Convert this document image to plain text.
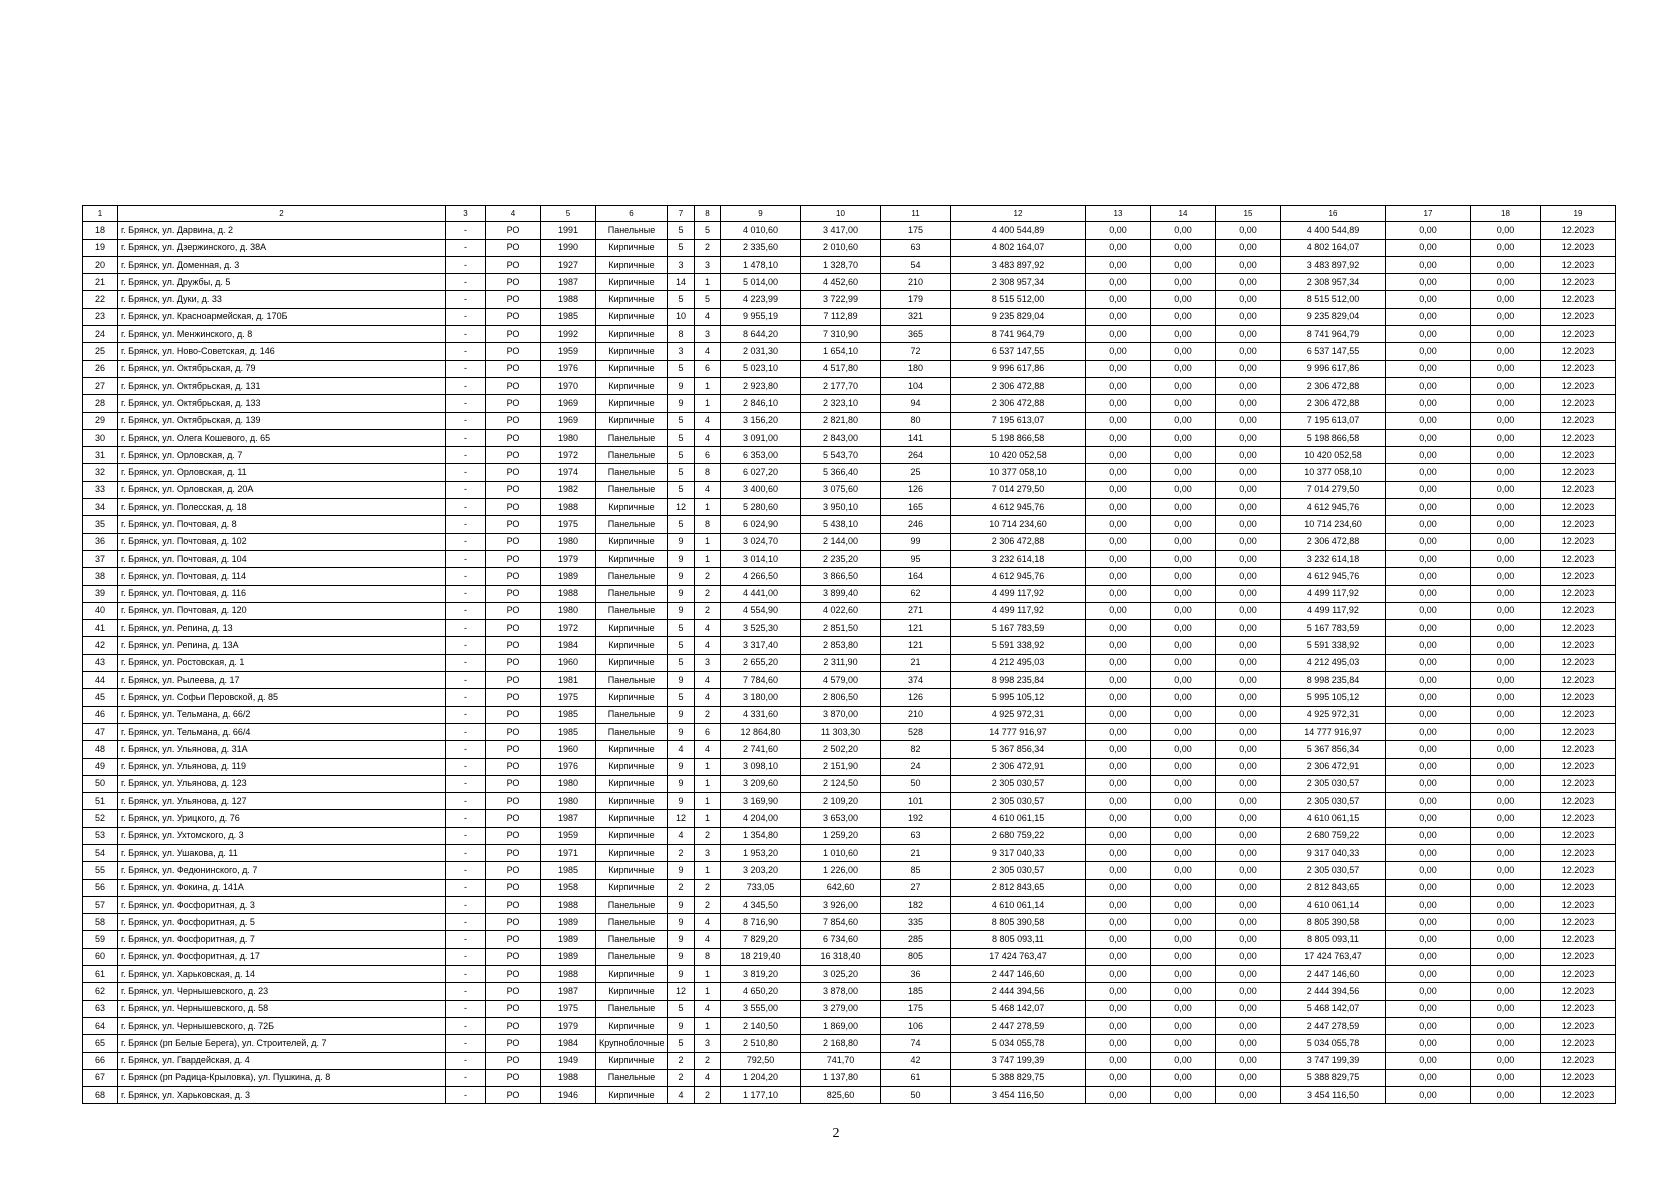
1	2	3	4	5	6	7	8	9	10	11	12	13	14	15	16	17	18	19
18	г. Брянск, ул. Дарвина, д. 2	-	РО	1991	Панельные	5	5	4 010,60	3 417,00	175	4 400 544,89	0,00	0,00	0,00	4 400 544,89	0,00	0,00	12.2023
19	г. Брянск, ул. Дзержинского, д. 38А	-	РО	1990	Кирпичные	5	2	2 335,60	2 010,60	63	4 802 164,07	0,00	0,00	0,00	4 802 164,07	0,00	0,00	12.2023
20	г. Брянск, ул. Доменная, д. 3	-	РО	1927	Кирпичные	3	3	1 478,10	1 328,70	54	3 483 897,92	0,00	0,00	0,00	3 483 897,92	0,00	0,00	12.2023
21	г. Брянск, ул. Дружбы, д. 5	-	РО	1987	Кирпичные	14	1	5 014,00	4 452,60	210	2 308 957,34	0,00	0,00	0,00	2 308 957,34	0,00	0,00	12.2023
22	г. Брянск, ул. Дуки, д. 33	-	РО	1988	Кирпичные	5	5	4 223,99	3 722,99	179	8 515 512,00	0,00	0,00	0,00	8 515 512,00	0,00	0,00	12.2023
23	г. Брянск, ул. Красноармейская, д. 170Б	-	РО	1985	Кирпичные	10	4	9 955,19	7 112,89	321	9 235 829,04	0,00	0,00	0,00	9 235 829,04	0,00	0,00	12.2023
24	г. Брянск, ул. Менжинского, д. 8	-	РО	1992	Кирпичные	8	3	8 644,20	7 310,90	365	8 741 964,79	0,00	0,00	0,00	8 741 964,79	0,00	0,00	12.2023
25	г. Брянск, ул. Ново-Советская, д. 146	-	РО	1959	Кирпичные	3	4	2 031,30	1 654,10	72	6 537 147,55	0,00	0,00	0,00	6 537 147,55	0,00	0,00	12.2023
26	г. Брянск, ул. Октябрьская, д. 79	-	РО	1976	Кирпичные	5	6	5 023,10	4 517,80	180	9 996 617,86	0,00	0,00	0,00	9 996 617,86	0,00	0,00	12.2023
27	г. Брянск, ул. Октябрьская, д. 131	-	РО	1970	Кирпичные	9	1	2 923,80	2 177,70	104	2 306 472,88	0,00	0,00	0,00	2 306 472,88	0,00	0,00	12.2023
28	г. Брянск, ул. Октябрьская, д. 133	-	РО	1969	Кирпичные	9	1	2 846,10	2 323,10	94	2 306 472,88	0,00	0,00	0,00	2 306 472,88	0,00	0,00	12.2023
29	г. Брянск, ул. Октябрьская, д. 139	-	РО	1969	Кирпичные	5	4	3 156,20	2 821,80	80	7 195 613,07	0,00	0,00	0,00	7 195 613,07	0,00	0,00	12.2023
30	г. Брянск, ул. Олега Кошевого, д. 65	-	РО	1980	Панельные	5	4	3 091,00	2 843,00	141	5 198 866,58	0,00	0,00	0,00	5 198 866,58	0,00	0,00	12.2023
31	г. Брянск, ул. Орловская, д. 7	-	РО	1972	Панельные	5	6	6 353,00	5 543,70	264	10 420 052,58	0,00	0,00	0,00	10 420 052,58	0,00	0,00	12.2023
32	г. Брянск, ул. Орловская, д. 11	-	РО	1974	Панельные	5	8	6 027,20	5 366,40	25	10 377 058,10	0,00	0,00	0,00	10 377 058,10	0,00	0,00	12.2023
33	г. Брянск, ул. Орловская, д. 20А	-	РО	1982	Панельные	5	4	3 400,60	3 075,60	126	7 014 279,50	0,00	0,00	0,00	7 014 279,50	0,00	0,00	12.2023
34	г. Брянск, ул. Полесская, д. 18	-	РО	1988	Кирпичные	12	1	5 280,60	3 950,10	165	4 612 945,76	0,00	0,00	0,00	4 612 945,76	0,00	0,00	12.2023
35	г. Брянск, ул. Почтовая, д. 8	-	РО	1975	Панельные	5	8	6 024,90	5 438,10	246	10 714 234,60	0,00	0,00	0,00	10 714 234,60	0,00	0,00	12.2023
36	г. Брянск, ул. Почтовая, д. 102	-	РО	1980	Кирпичные	9	1	3 024,70	2 144,00	99	2 306 472,88	0,00	0,00	0,00	2 306 472,88	0,00	0,00	12.2023
37	г. Брянск, ул. Почтовая, д. 104	-	РО	1979	Кирпичные	9	1	3 014,10	2 235,20	95	3 232 614,18	0,00	0,00	0,00	3 232 614,18	0,00	0,00	12.2023
38	г. Брянск, ул. Почтовая, д. 114	-	РО	1989	Панельные	9	2	4 266,50	3 866,50	164	4 612 945,76	0,00	0,00	0,00	4 612 945,76	0,00	0,00	12.2023
39	г. Брянск, ул. Почтовая, д. 116	-	РО	1988	Панельные	9	2	4 441,00	3 899,40	62	4 499 117,92	0,00	0,00	0,00	4 499 117,92	0,00	0,00	12.2023
40	г. Брянск, ул. Почтовая, д. 120	-	РО	1980	Панельные	9	2	4 554,90	4 022,60	271	4 499 117,92	0,00	0,00	0,00	4 499 117,92	0,00	0,00	12.2023
41	г. Брянск, ул. Репина, д. 13	-	РО	1972	Кирпичные	5	4	3 525,30	2 851,50	121	5 167 783,59	0,00	0,00	0,00	5 167 783,59	0,00	0,00	12.2023
42	г. Брянск, ул. Репина, д. 13А	-	РО	1984	Кирпичные	5	4	3 317,40	2 853,80	121	5 591 338,92	0,00	0,00	0,00	5 591 338,92	0,00	0,00	12.2023
43	г. Брянск, ул. Ростовская, д. 1	-	РО	1960	Кирпичные	5	3	2 655,20	2 311,90	21	4 212 495,03	0,00	0,00	0,00	4 212 495,03	0,00	0,00	12.2023
44	г. Брянск, ул. Рылеева, д. 17	-	РО	1981	Панельные	9	4	7 784,60	4 579,00	374	8 998 235,84	0,00	0,00	0,00	8 998 235,84	0,00	0,00	12.2023
45	г. Брянск, ул. Софьи Перовской, д. 85	-	РО	1975	Кирпичные	5	4	3 180,00	2 806,50	126	5 995 105,12	0,00	0,00	0,00	5 995 105,12	0,00	0,00	12.2023
46	г. Брянск, ул. Тельмана, д. 66/2	-	РО	1985	Панельные	9	2	4 331,60	3 870,00	210	4 925 972,31	0,00	0,00	0,00	4 925 972,31	0,00	0,00	12.2023
47	г. Брянск, ул. Тельмана, д. 66/4	-	РО	1985	Панельные	9	6	12 864,80	11 303,30	528	14 777 916,97	0,00	0,00	0,00	14 777 916,97	0,00	0,00	12.2023
48	г. Брянск, ул. Ульянова, д. 31А	-	РО	1960	Кирпичные	4	4	2 741,60	2 502,20	82	5 367 856,34	0,00	0,00	0,00	5 367 856,34	0,00	0,00	12.2023
49	г. Брянск, ул. Ульянова, д. 119	-	РО	1976	Кирпичные	9	1	3 098,10	2 151,90	24	2 306 472,91	0,00	0,00	0,00	2 306 472,91	0,00	0,00	12.2023
50	г. Брянск, ул. Ульянова, д. 123	-	РО	1980	Кирпичные	9	1	3 209,60	2 124,50	50	2 305 030,57	0,00	0,00	0,00	2 305 030,57	0,00	0,00	12.2023
51	г. Брянск, ул. Ульянова, д. 127	-	РО	1980	Кирпичные	9	1	3 169,90	2 109,20	101	2 305 030,57	0,00	0,00	0,00	2 305 030,57	0,00	0,00	12.2023
52	г. Брянск, ул. Урицкого, д. 76	-	РО	1987	Кирпичные	12	1	4 204,00	3 653,00	192	4 610 061,15	0,00	0,00	0,00	4 610 061,15	0,00	0,00	12.2023
53	г. Брянск, ул. Ухтомского, д. 3	-	РО	1959	Кирпичные	4	2	1 354,80	1 259,20	63	2 680 759,22	0,00	0,00	0,00	2 680 759,22	0,00	0,00	12.2023
54	г. Брянск, ул. Ушакова, д. 11	-	РО	1971	Кирпичные	2	3	1 953,20	1 010,60	21	9 317 040,33	0,00	0,00	0,00	9 317 040,33	0,00	0,00	12.2023
55	г. Брянск, ул. Федюнинского, д. 7	-	РО	1985	Кирпичные	9	1	3 203,20	1 226,00	85	2 305 030,57	0,00	0,00	0,00	2 305 030,57	0,00	0,00	12.2023
56	г. Брянск, ул. Фокина, д. 141А	-	РО	1958	Кирпичные	2	2	733,05	642,60	27	2 812 843,65	0,00	0,00	0,00	2 812 843,65	0,00	0,00	12.2023
57	г. Брянск, ул. Фосфоритная, д. 3	-	РО	1988	Панельные	9	2	4 345,50	3 926,00	182	4 610 061,14	0,00	0,00	0,00	4 610 061,14	0,00	0,00	12.2023
58	г. Брянск, ул. Фосфоритная, д. 5	-	РО	1989	Панельные	9	4	8 716,90	7 854,60	335	8 805 390,58	0,00	0,00	0,00	8 805 390,58	0,00	0,00	12.2023
59	г. Брянск, ул. Фосфоритная, д. 7	-	РО	1989	Панельные	9	4	7 829,20	6 734,60	285	8 805 093,11	0,00	0,00	0,00	8 805 093,11	0,00	0,00	12.2023
60	г. Брянск, ул. Фосфоритная, д. 17	-	РО	1989	Панельные	9	8	18 219,40	16 318,40	805	17 424 763,47	0,00	0,00	0,00	17 424 763,47	0,00	0,00	12.2023
61	г. Брянск, ул. Харьковская, д. 14	-	РО	1988	Кирпичные	9	1	3 819,20	3 025,20	36	2 447 146,60	0,00	0,00	0,00	2 447 146,60	0,00	0,00	12.2023
62	г. Брянск, ул. Чернышевского, д. 23	-	РО	1987	Кирпичные	12	1	4 650,20	3 878,00	185	2 444 394,56	0,00	0,00	0,00	2 444 394,56	0,00	0,00	12.2023
63	г. Брянск, ул. Чернышевского, д. 58	-	РО	1975	Панельные	5	4	3 555,00	3 279,00	175	5 468 142,07	0,00	0,00	0,00	5 468 142,07	0,00	0,00	12.2023
64	г. Брянск, ул. Чернышевского, д. 72Б	-	РО	1979	Кирпичные	9	1	2 140,50	1 869,00	106	2 447 278,59	0,00	0,00	0,00	2 447 278,59	0,00	0,00	12.2023
65	г. Брянск (рп Белые Берега), ул. Строителей, д. 7	-	РО	1984	Крупноблочные	5	3	2 510,80	2 168,80	74	5 034 055,78	0,00	0,00	0,00	5 034 055,78	0,00	0,00	12.2023
66	г. Брянск, ул. Гвардейская, д. 4	-	РО	1949	Кирпичные	2	2	792,50	741,70	42	3 747 199,39	0,00	0,00	0,00	3 747 199,39	0,00	0,00	12.2023
67	г. Брянск (рп Радица-Крыловка), ул. Пушкина, д. 8	-	РО	1988	Панельные	2	4	1 204,20	1 137,80	61	5 388 829,75	0,00	0,00	0,00	5 388 829,75	0,00	0,00	12.2023
68	г. Брянск, ул. Харьковская, д. 3	-	РО	1946	Кирпичные	4	2	1 177,10	825,60	50	3 454 116,50	0,00	0,00	0,00	3 454 116,50	0,00	0,00	12.2023
2
